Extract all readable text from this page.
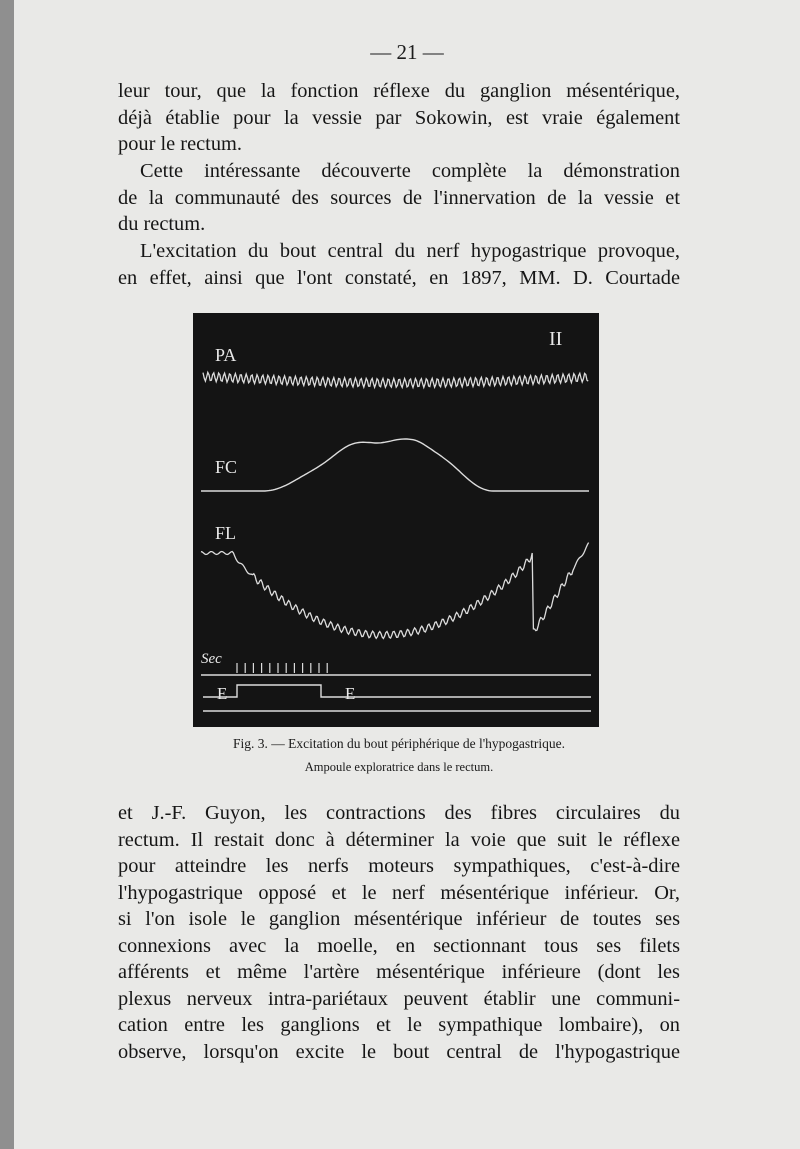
— 21 —
II
PA
FC
FL
Sec
E	E
Fig. 3. — Excitation du bout périphérique de l'hypogastrique.
Ampoule exploratrice dans le rectum.

leur tour, que la fonction réflexe du ganglion mésentérique,
déjà établie pour la vessie par Sokowin, est vraie également
pour le rectum.

Cette intéressante découverte complète la démonstration
de la communauté des sources de l'innervation de la vessie et
du rectum.

L'excitation du bout central du nerf hypogastrique provoque,
en effet, ainsi que l'ont constaté, en 1897, MM. D. Courtade

et J.-F. Guyon, les contractions des fibres circulaires du
rectum. Il restait donc à déterminer la voie que suit le réflexe
pour atteindre les nerfs moteurs sympathiques, c'est-à-dire
l'hypogastrique opposé et le nerf mésentérique inférieur. Or,
si l'on isole le ganglion mésentérique inférieur de toutes ses
connexions avec la moelle, en sectionnant tous ses filets
afférents et même l'artère mésentérique inférieure (dont les
plexus nerveux intra-pariétaux peuvent établir une communi-
cation entre les ganglions et le sympathique lombaire), on
observe, lorsqu'on excite le bout central de l'hypogastrique
